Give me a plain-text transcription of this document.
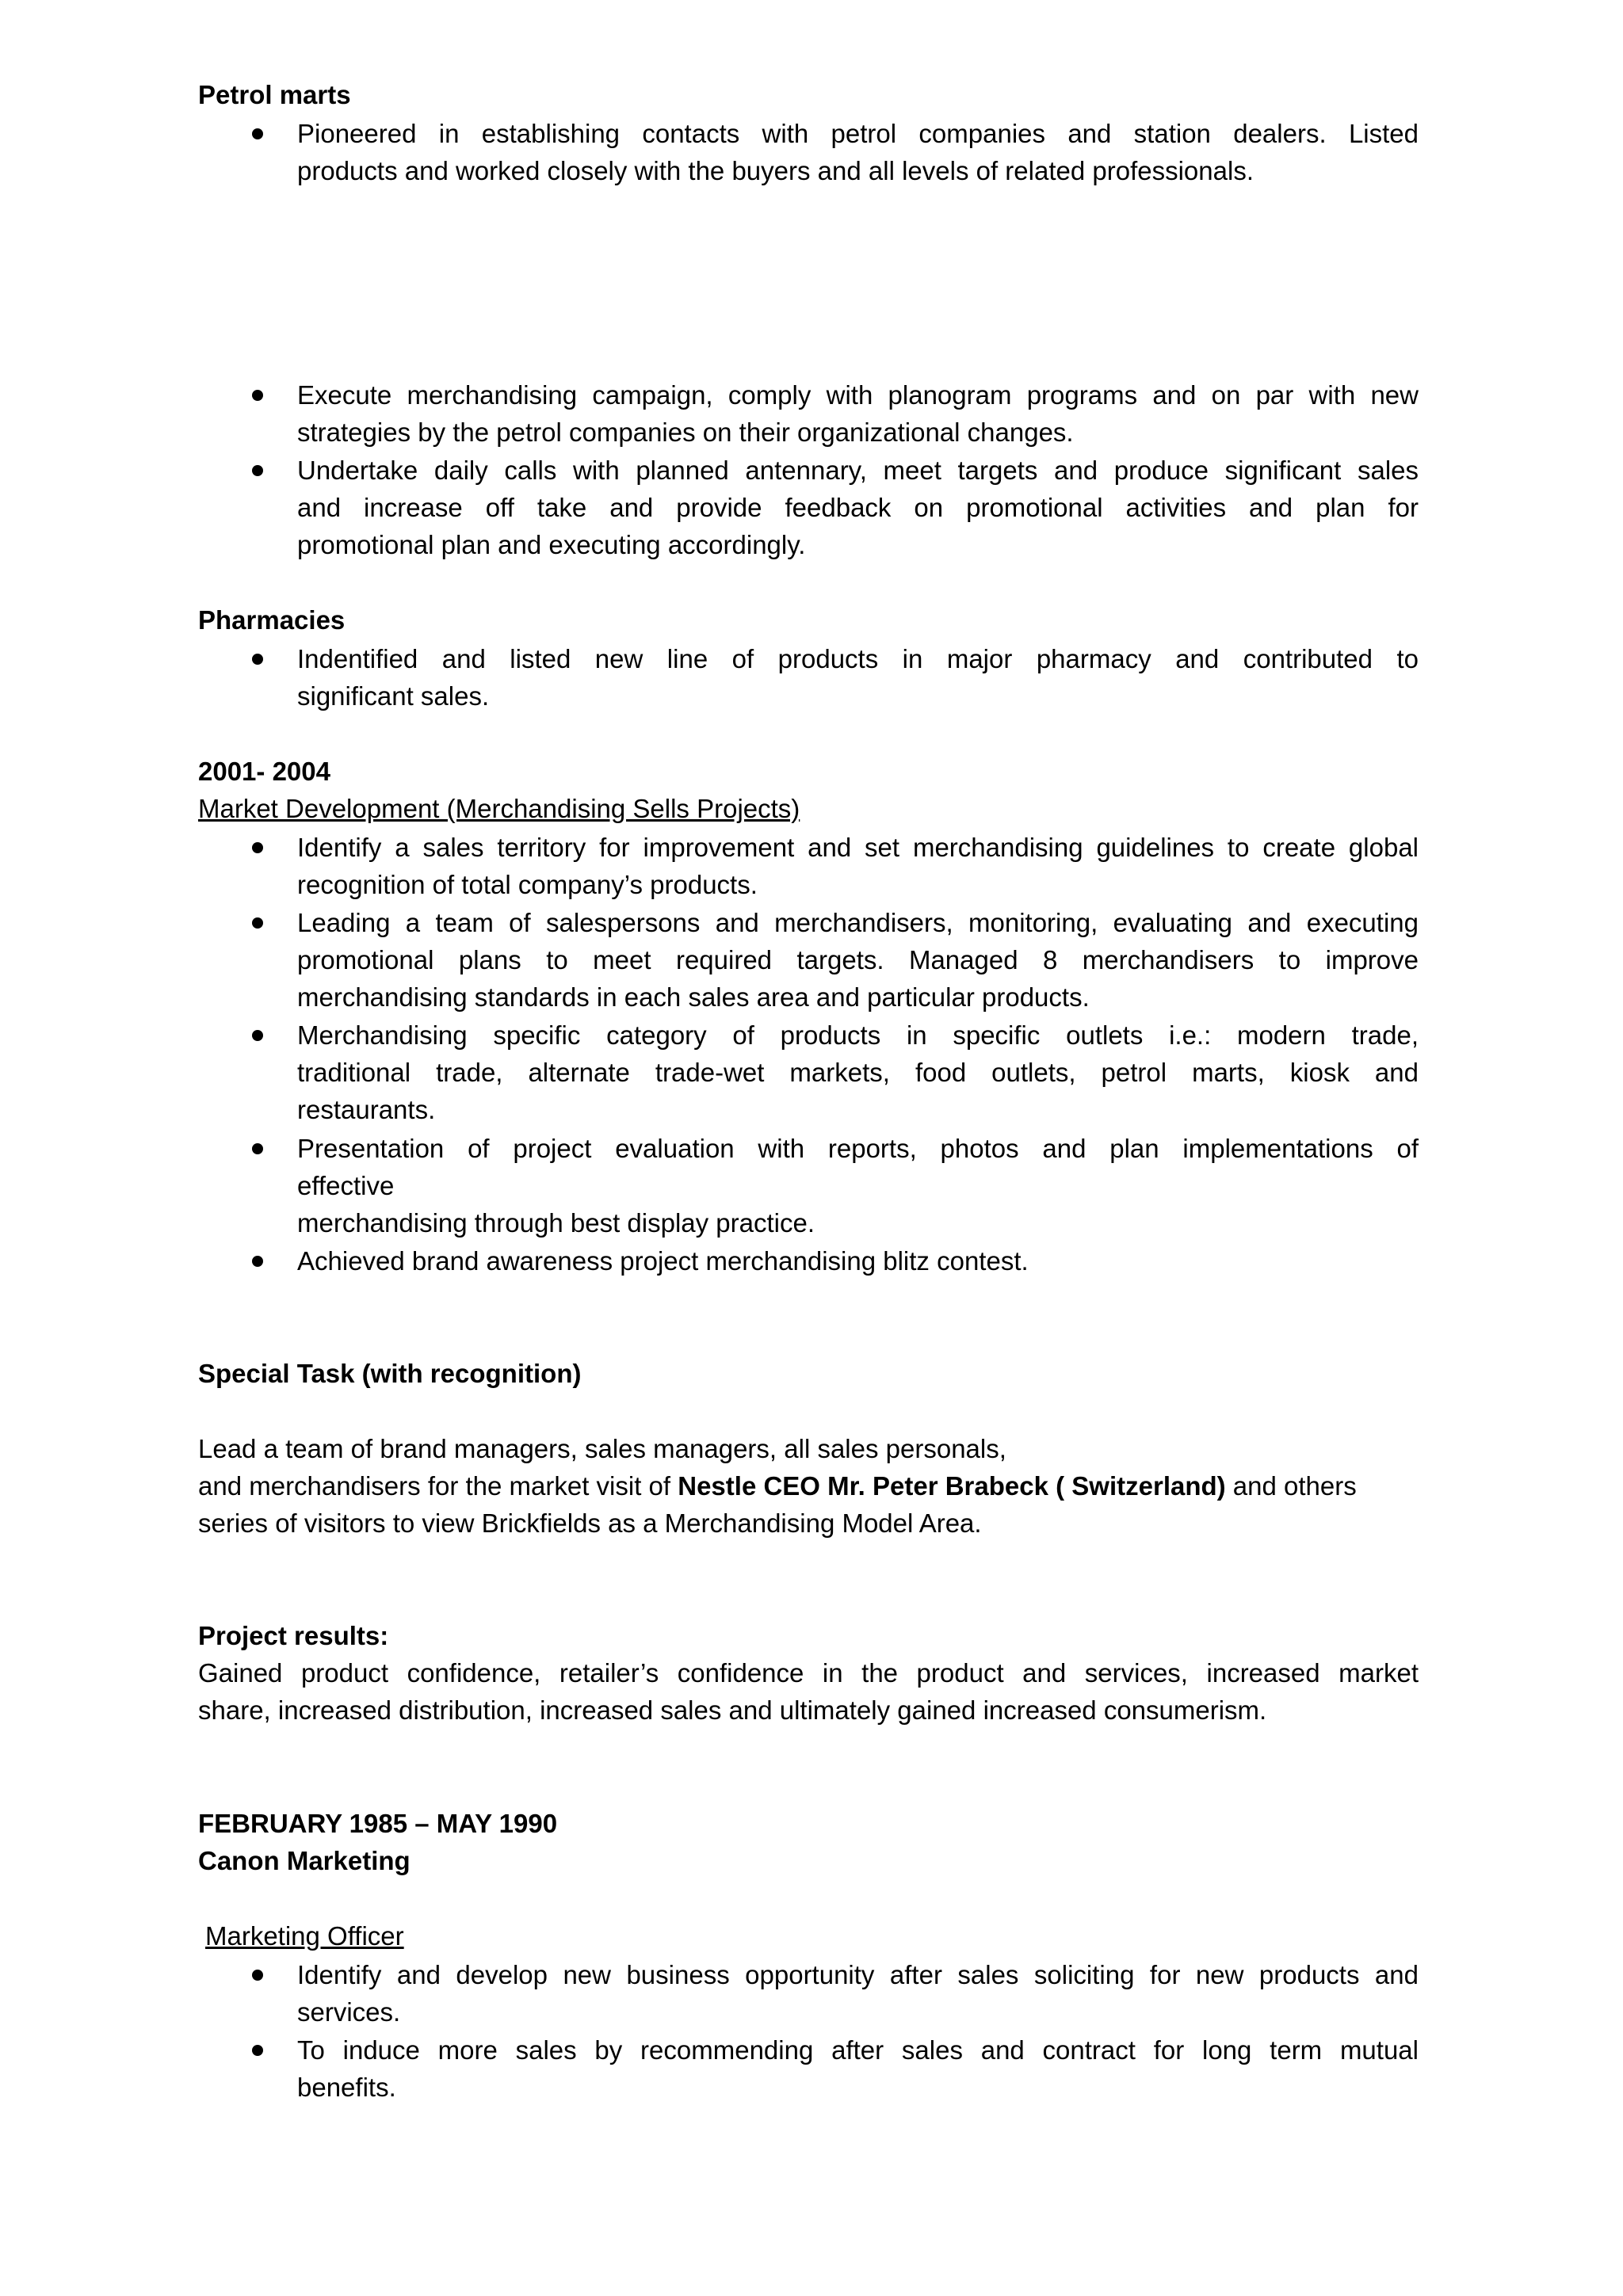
Petrol marts
Pioneered in establishing contacts with petrol companies and station dealers. Listed
products and worked closely with the buyers and all levels of related professionals.
Execute merchandising campaign, comply with planogram programs and on par with new
strategies by the petrol companies on their organizational changes.
Undertake daily calls with planned antennary, meet targets and produce significant sales
and increase off take and provide feedback on promotional activities and plan for
promotional plan and executing accordingly.
Pharmacies
Indentified and listed new line of products in major pharmacy and contributed to
significant sales.
2001- 2004
Market Development (Merchandising Sells Projects)
Identify a sales territory for improvement and set merchandising guidelines to create global
recognition of total company’s products.
Leading a team of salespersons and merchandisers, monitoring, evaluating and executing
promotional plans to meet required targets. Managed 8 merchandisers to improve
merchandising standards in each sales area and particular products.
Merchandising specific category of products in specific outlets i.e.: modern trade,
traditional trade, alternate trade-wet markets, food outlets, petrol marts, kiosk and
restaurants.
Presentation of project evaluation with reports, photos and plan implementations of
effective
merchandising through best display practice.
Achieved brand awareness project merchandising blitz contest.
Special Task (with recognition)
Lead a team of brand managers, sales managers, all sales personals,
and merchandisers for the market visit of Nestle CEO Mr. Peter Brabeck ( Switzerland) and others
series of visitors to view Brickfields as a Merchandising Model Area.
Project results:
Gained product confidence, retailer’s confidence in the product and services, increased market
share, increased distribution, increased sales and ultimately gained increased consumerism.
FEBRUARY 1985 – MAY 1990
Canon Marketing
Marketing Officer
Identify and develop new business opportunity after sales soliciting for new products and
services.
To induce more sales by recommending after sales and contract for long term mutual
benefits.
